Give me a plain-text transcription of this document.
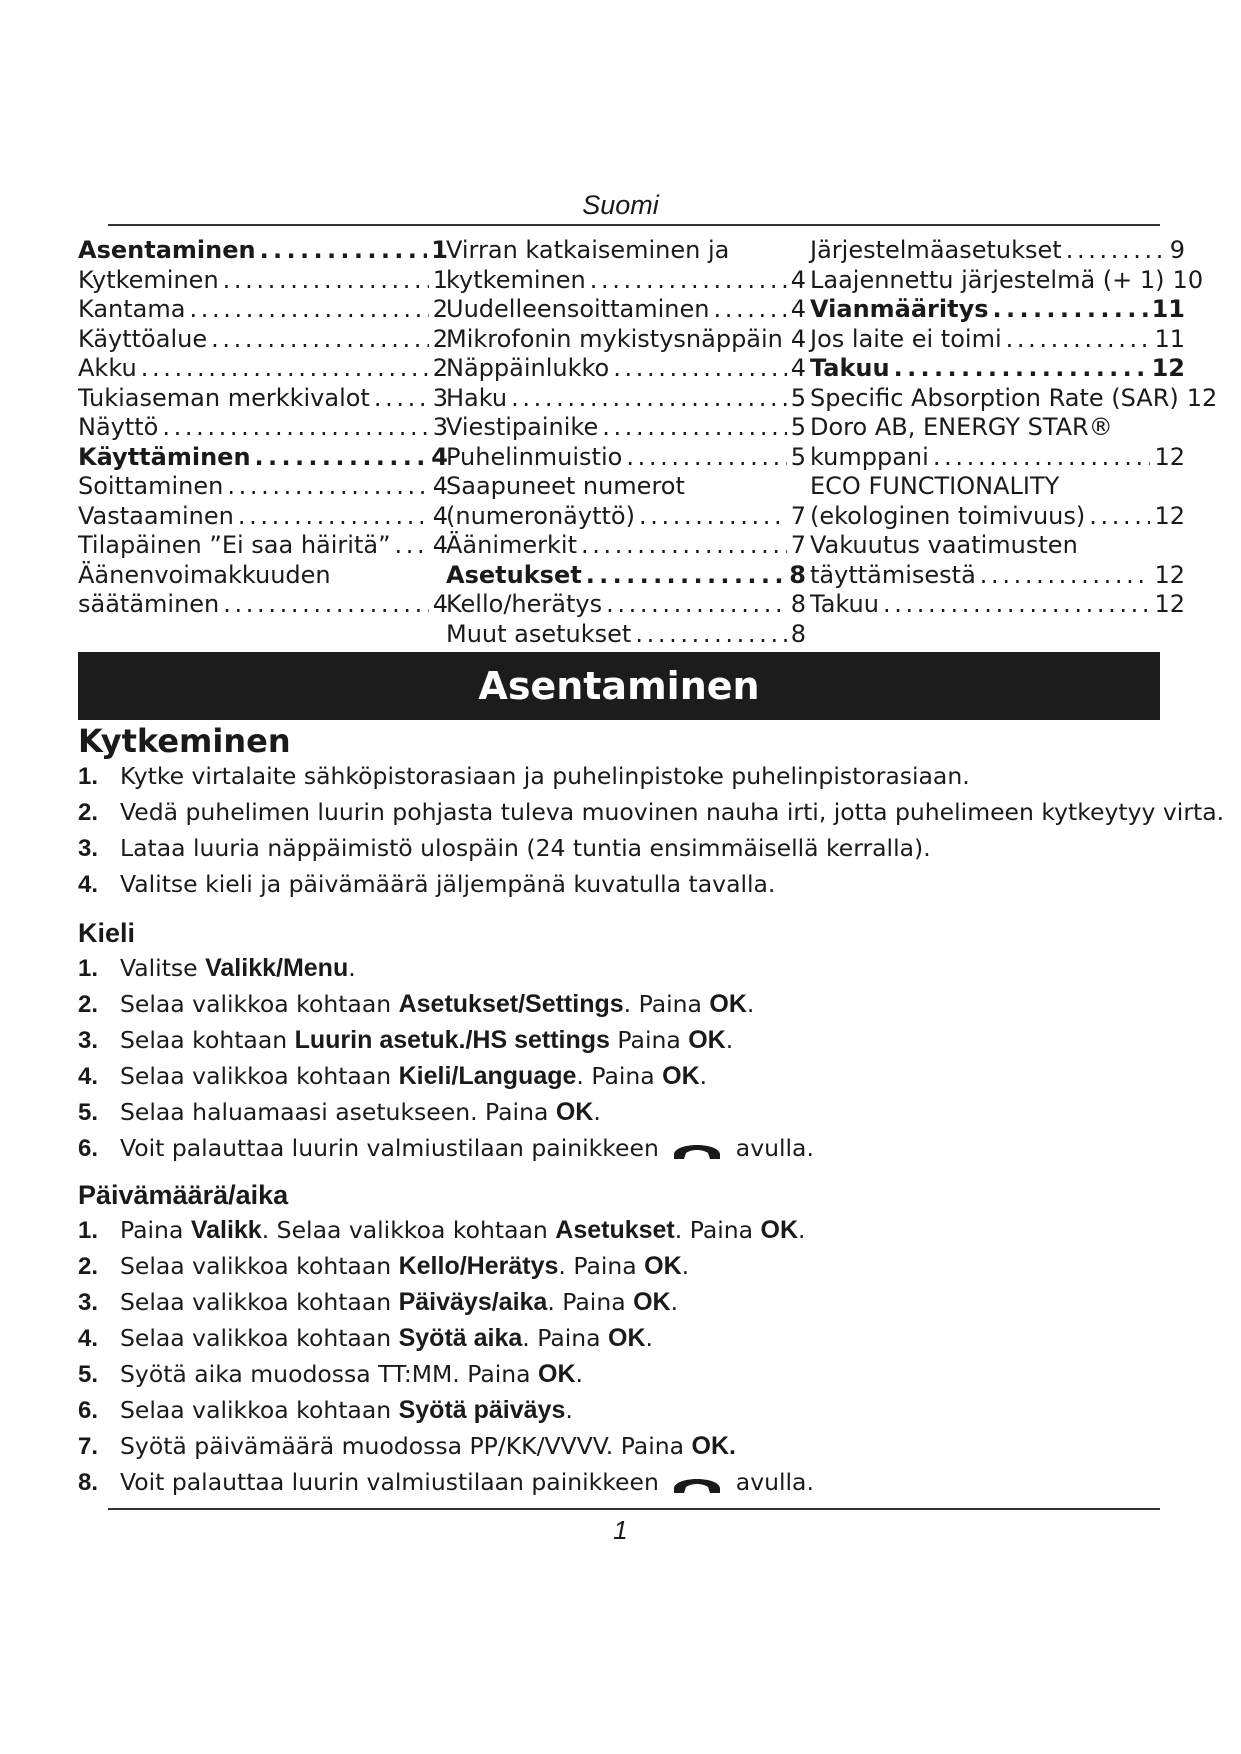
Suomi
Asentaminen . . .	1
Kytkeminen . . .	1
Kantama . . .	2
Käyttöalue . . .	2
Akku . . .	2
Tukiaseman merkkivalot . . .	3
Näyttö . . .	3
Käyttäminen . . .	4
Soittaminen . . .	4
Vastaaminen . . .	4
Tilapäinen ”Ei saa häiritä” . . . 4
Äänenvoimakkuuden
säätäminen . . .	4
Virran katkaiseminen ja
kytkeminen . . .	4
Uudelleensoittaminen . . .	4
Mikrofonin mykistysnäppäin 4
Näppäinlukko . . .	4
Haku . . .	5
Viestipainike . . .	5
Puhelinmuistio . . .	5
Saapuneet numerot
(numeronäyttö) . . .	7
Äänimerkit . . .	7
Asetukset . . .	8
Kello/herätys . . .	8
Muut asetukset . . .	8
Järjestelmäasetukset . . .	9
Laajennettu järjestelmä (+ 1) 10
Vianmääritys . . .	11
Jos laite ei toimi . . .	11
Takuu . . .	12
Specific Absorption Rate (SAR) 12
Doro AB, ENERGY STAR®
kumppani . . .	12
ECO FUNCTIONALITY
(ekologinen toimivuus) . . .	12
Vakuutus vaatimusten
täyttämisestä . . .	12
Takuu . . .	12
Asentaminen
Kytkeminen
1. Kytke virtalaite sähköpistorasiaan ja puhelinpistoke puhelinpistorasiaan.
2. Vedä puhelimen luurin pohjasta tuleva muovinen nauha irti, jotta puhelimeen kytkeytyy virta.
3. Lataa luuria näppäimistö ulospäin (24 tuntia ensimmäisellä kerralla).
4. Valitse kieli ja päivämäärä jäljempänä kuvatulla tavalla.
Kieli
1. Valitse Valikk/Menu.
2. Selaa valikkoa kohtaan Asetukset/Settings. Paina OK.
3. Selaa kohtaan Luurin asetuk./HS settings Paina OK.
4. Selaa valikkoa kohtaan Kieli/Language. Paina OK.
5. Selaa haluamaasi asetukseen. Paina OK.
6. Voit palauttaa luurin valmiustilaan painikkeen	avulla.
Päivämäärä/aika
1. Paina Valikk. Selaa valikkoa kohtaan Asetukset. Paina OK.
2. Selaa valikkoa kohtaan Kello/Herätys. Paina OK.
3. Selaa valikkoa kohtaan Päiväys/aika. Paina OK.
4. Selaa valikkoa kohtaan Syötä aika. Paina OK.
5. Syötä aika muodossa TT:MM. Paina OK.
6. Selaa valikkoa kohtaan Syötä päiväys.
7. Syötä päivämäärä muodossa PP/KK/VVVV. Paina OK.
8. Voit palauttaa luurin valmiustilaan painikkeen	avulla.
1
